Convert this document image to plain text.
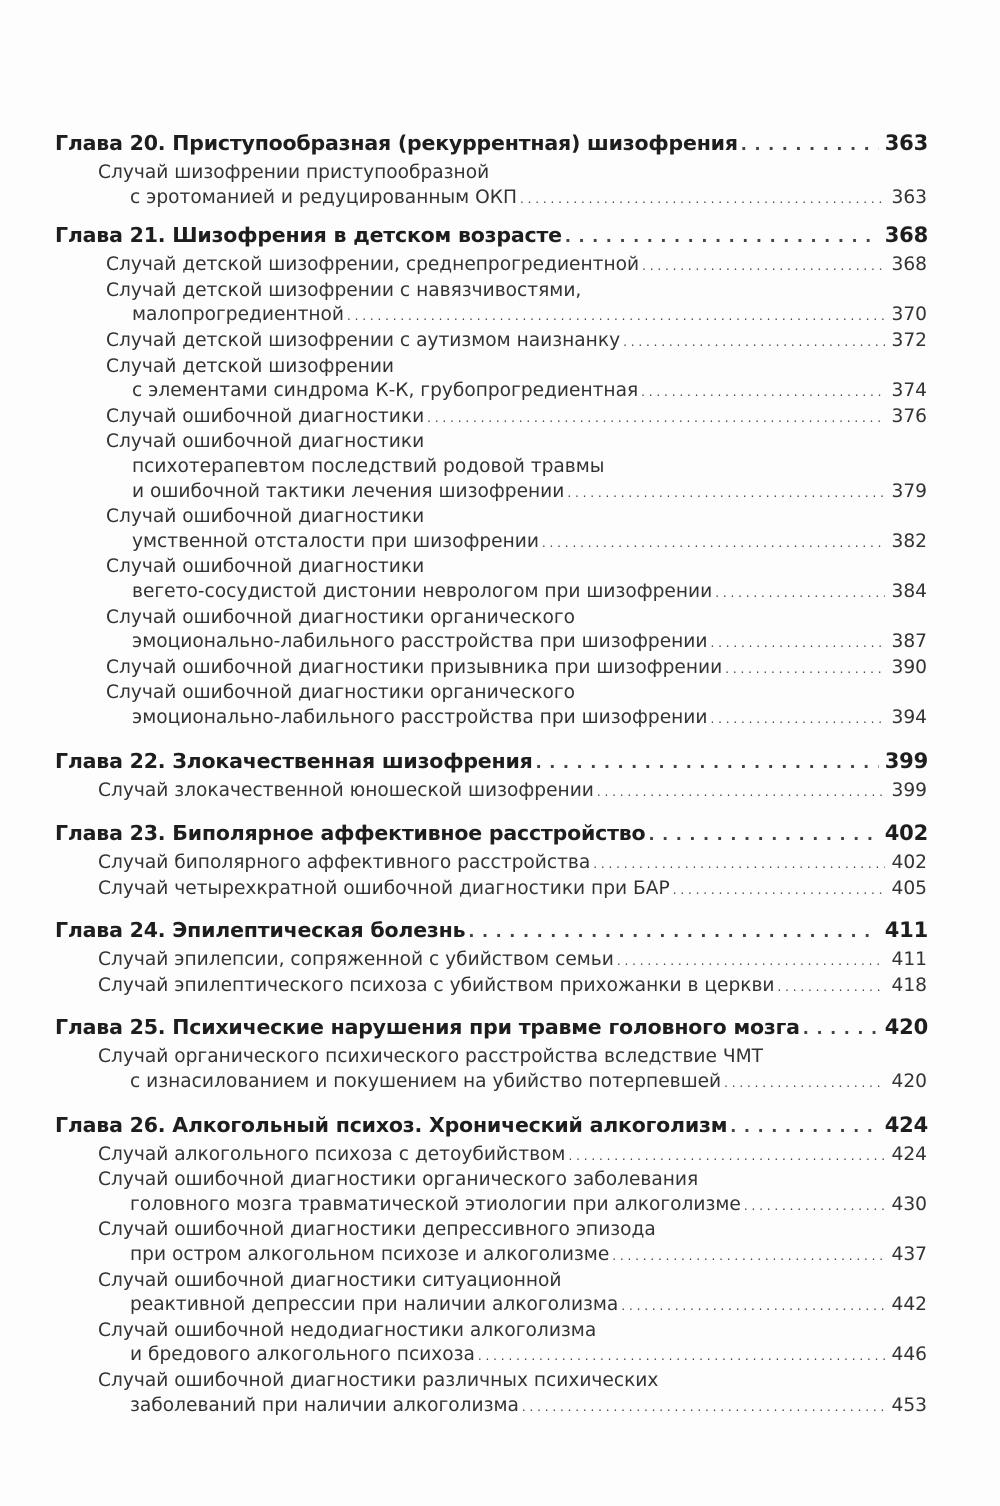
Глава 20. Приступообразная (рекуррентная) шизофрения . . .	363
Случай шизофрении приступообразной
с эротоманией и редуцированным ОКП . . .	363
Глава 21. Шизофрения в детском возрасте . . .	368
Случай детской шизофрении, среднепрогредиентной . . .	368
Случай детской шизофрении с навязчивостями,
малопрогредиентной . . .	370
Случай детской шизофрении с аутизмом наизнанку . . .	372
Случай детской шизофрении
с элементами синдрома К-К, грубопрогредиентная . . .	374
Случай ошибочной диагностики . . .	376
Случай ошибочной диагностики
психотерапевтом последствий родовой травмы
и ошибочной тактики лечения шизофрении . . .	379
Случай ошибочной диагностики
умственной отсталости при шизофрении . . .	382
Случай ошибочной диагностики
вегето-сосудистой дистонии неврологом при шизофрении . . .	384
Случай ошибочной диагностики органического
эмоционально-лабильного расстройства при шизофрении . . .	387
Случай ошибочной диагностики призывника при шизофрении . . .	390
Случай ошибочной диагностики органического
эмоционально-лабильного расстройства при шизофрении . . .	394
Глава 22. Злокачественная шизофрения . . .	399
Случай злокачественной юношеской шизофрении . . .	399
Глава 23. Биполярное аффективное расстройство . . .	402
Случай биполярного аффективного расстройства . . .	402
Случай четырехкратной ошибочной диагностики при БАР . . .	405
Глава 24. Эпилептическая болезнь . . .	411
Случай эпилепсии, сопряженной с убийством семьи . . .	411
Случай эпилептического психоза с убийством прихожанки в церкви . . .	418
Глава 25. Психические нарушения при травме головного мозга . . .	420
Случай органического психического расстройства вследствие ЧМТ
с изнасилованием и покушением на убийство потерпевшей . . .	420
Глава 26. Алкогольный психоз. Хронический алкоголизм . . .	424
Случай алкогольного психоза с детоубийством . . .	424
Случай ошибочной диагностики органического заболевания
головного мозга травматической этиологии при алкоголизме . . .	430
Случай ошибочной диагностики депрессивного эпизода
при остром алкогольном психозе и алкоголизме . . .	437
Случай ошибочной диагностики ситуационной
реактивной депрессии при наличии алкоголизма . . .	442
Случай ошибочной недодиагностики алкоголизма
и бредового алкогольного психоза . . .	446
Случай ошибочной диагностики различных психических
заболеваний при наличии алкоголизма . . .	453
